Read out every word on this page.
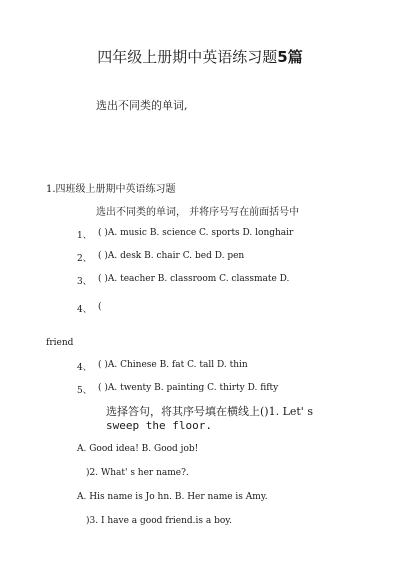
四年级上册期中英语练习题5篇
选出不同类的单词,
1.四班级上册期中英语练习题
选出不同类的单词， 并将序号写在前面括号中
1、 ( )A. music B. science C. sports D. longhair
2、 ( )A. desk B. chair C. bed D. pen
3、 ( )A. teacher B. classroom C. classmate D.
4、 (
friend
4、 ( )A. Chinese B. fat C. tall D. thin
5、 ( )A. twenty B. painting C. thirty D. fifty
选择答句，将其序号填在横线上()1. Let' s
sweep the floor.
A. Good idea! B. Good job!
)2. What' s her name?.
A. His name is Jo hn. B. Her name is Amy.
)3. I have a good friend.is a boy.
